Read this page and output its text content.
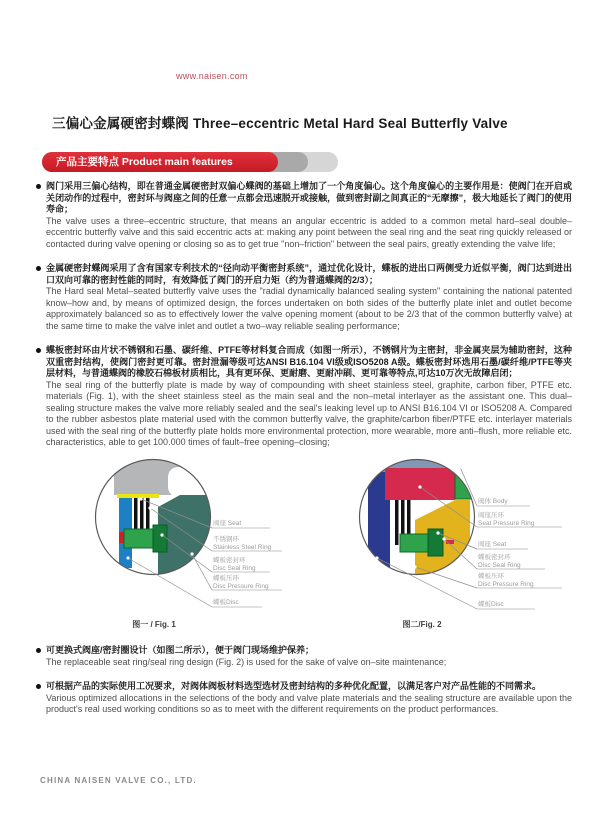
www.naisen.com
三偏心金属硬密封蝶阀 Three–eccentric Metal Hard Seal Butterfly Valve
产品主要特点 Product main features
阀门采用三偏心结构，即在普通金属硬密封双偏心蝶阀的基础上增加了一个角度偏心。这个角度偏心的主要作用是：使阀门在开启或关闭动作的过程中，密封环与阀座之间的任意一点都会迅速脱开或接触，做到密封副之间真正的“无摩擦”，极大地延长了阀门的使用寿命；
The valve uses a three–eccentric structure, that means an angular eccentric is added to a common metal hard–seal double–eccentric butterfly valve and this said eccentric acts at: making any point between the seal ring and the seat ring quickly released or contacted during valve opening or closing so as to get true "non–friction" between the seal pairs, greatly extending the valve life;
金属硬密封蝶阀采用了含有国家专利技术的“径向动平衡密封系统”，通过优化设计，蝶板的进出口两侧受力近似平衡，阀门达到进出口双向可靠的密封性能的同时，有效降低了阀门的开启力矩（约为普通蝶阀的2/3）；
The Hard seal Metal–seated butterfly valve uses the "radial dynamically balanced sealing system" containing the national patented know–how and, by means of optimized design, the forces undertaken on both sides of the butterfly plate inlet and outlet become approximately balanced so as to effectively lower the valve opening moment (about to be 2/3 that of the common butterfly valve) at the same time to make the valve inlet and outlet a two–way reliable sealing performance;
蝶板密封环由片状不锈钢和石墨、碳纤维、PTFE等材料复合而成（如图一所示），不锈钢片为主密封，非金属夹层为辅助密封，这种双重密封结构，使阀门密封更可靠。密封泄漏等级可达ANSI B16.104 VI级或ISO5208 A级。蝶板密封环选用石墨/碳纤维/PTFE等夹层材料，与普通蝶阀的橡胶石棉板材质相比，具有更环保、更耐磨、更耐冲刷、更可靠等特点,可达10万次无故障启闭；
The seal ring of the butterfly plate is made by way of compounding with sheet stainless steel, graphite, carbon fiber, PTFE etc. materials (Fig. 1), with the sheet stainless steel as the main seal and the non–metal interlayer as the assistant one. This dual–sealing structure makes the valve more reliably sealed and the seal's leaking level up to ANSI B16.104 VI or ISO5208 A. Compared to the rubber asbestos plate material used with the common butterfly valve, the graphite/carbon fiber/PTFE etc. interlayer materials used with the seal ring of the butterfly plate holds more environmental protection, more wearable, more anti–flush, more reliable etc. characteristics, able to get 100.000 times of fault–free opening–closing;
阀座 Seat
不锈钢环
Stainless Steel Ring
蝶板密封环
Disc Seal Ring
蝶板压环
Disc Pressure Ring
蝶板Disc
图一 / Fig. 1
阀体 Body
阀座压环
Seat Pressure Ring
阀座 Seat
蝶板密封环
Disc Seal Ring
蝶板压环
Disc Pressure Ring
蝶板Disc
图二/Fig. 2
可更换式阀座/密封圈设计（如图二所示），便于阀门现场维护保养；
The replaceable seat ring/seal ring design (Fig. 2) is used for the sake of valve on–site maintenance;
可根据产品的实际使用工况要求，对阀体阀板材料选型选材及密封结构的多种优化配置，以满足客户对产品性能的不同需求。
Various optimized allocations in the selections of the body and valve plate materials and the sealing structure are available upon the product's real used working conditions so as to meet with the different requirements on the product performances.
CHINA NAISEN VALVE CO., LTD.
